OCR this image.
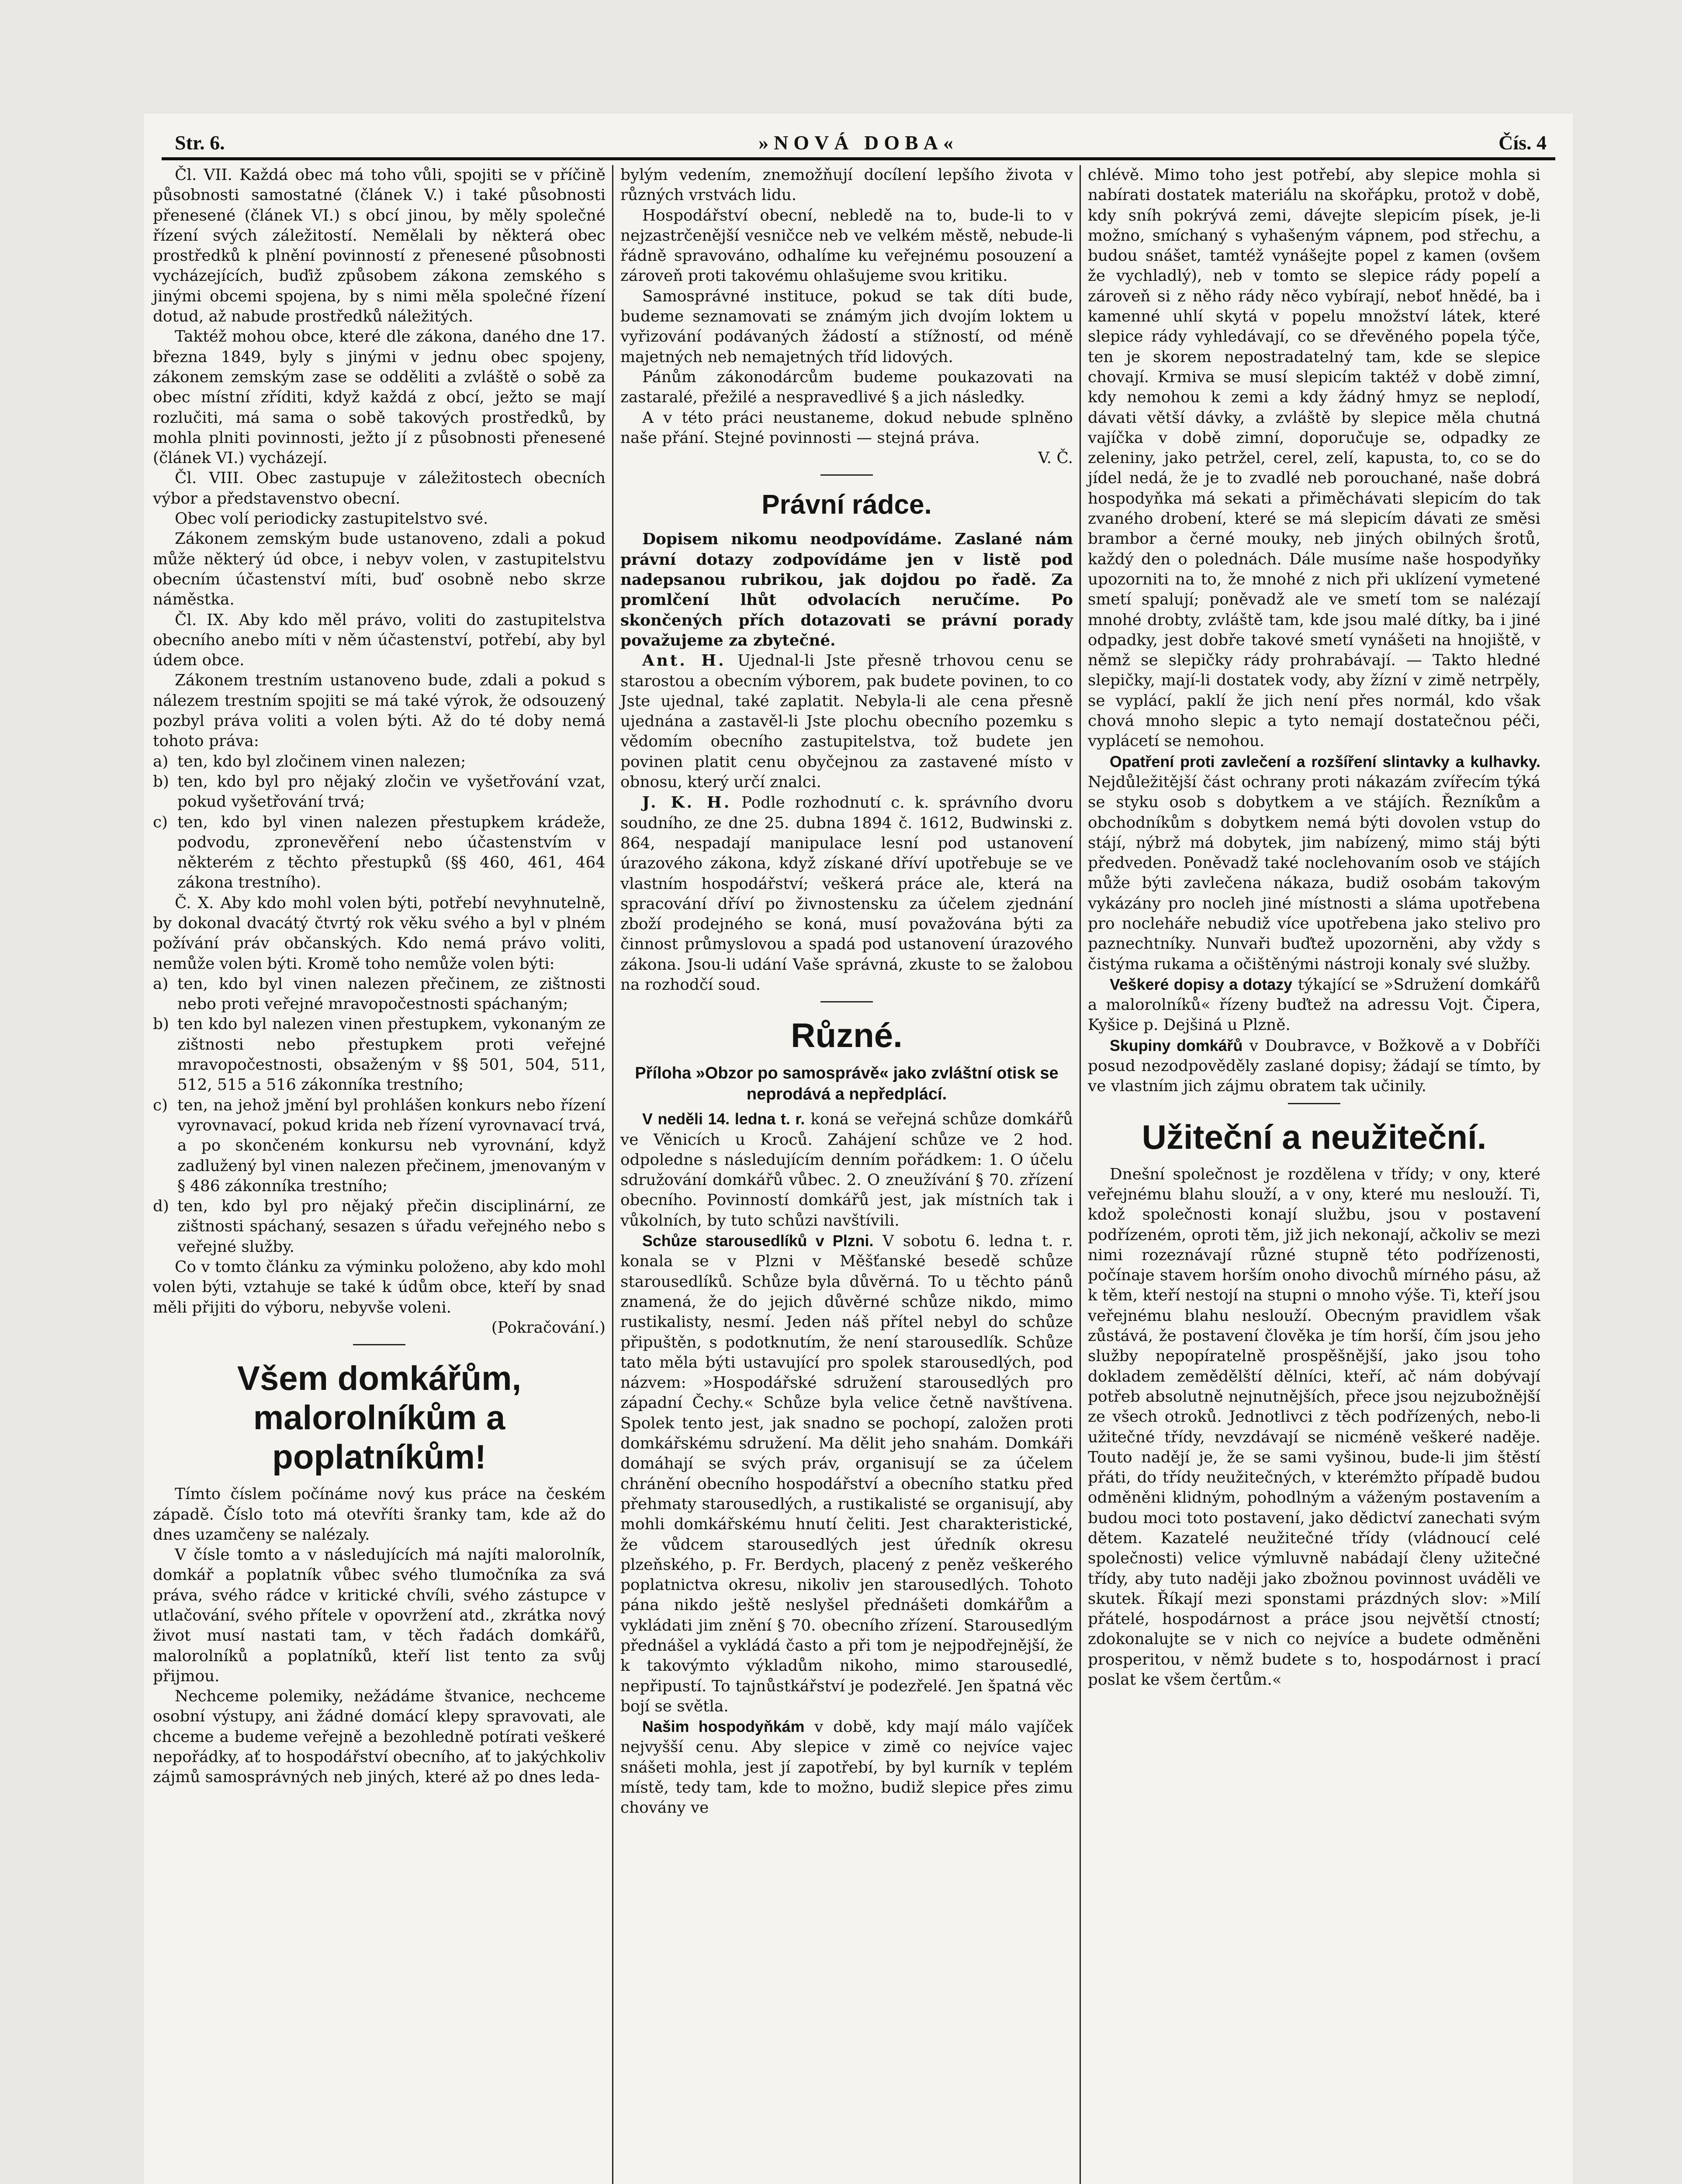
Str. 6.	»NOVÁ DOBA«	Čís. 4

Čl. VII. Každá obec má toho vůli, spojiti se v příčině působnosti samostatné (článek V.) i také působnosti přenesené (článek VI.) s obcí jinou, by měly společné řízení svých záležitostí. Nemělali by některá obec prostředků k plnění povinností z přenesené působnosti vycházejících, buďiž způsobem zákona zemského s jinými obcemi spojena, by s nimi měla společné řízení dotud, až nabude prostředků náležitých.

Taktéž mohou obce, které dle zákona, daného dne 17. března 1849, byly s jinými v jednu obec spojeny, zákonem zemským zase se odděliti a zvláště o sobě za obec místní zříditi, když každá z obcí, ježto se mají rozlučiti, má sama o sobě takových prostředků, by mohla plniti povinnosti, ježto jí z působnosti přenesené (článek VI.) vycházejí.

Čl. VIII. Obec zastupuje v záležitostech obecních výbor a představenstvo obecní.

Obec volí periodicky zastupitelstvo své.

Zákonem zemským bude ustanoveno, zdali a pokud může některý úd obce, i nebyv volen, v zastupitelstvu obecním účastenství míti, buď osobně nebo skrze náměstka.

Čl. IX. Aby kdo měl právo, voliti do zastupitelstva obecního anebo míti v něm účastenství, potřebí, aby byl údem obce.

Zákonem trestním ustanoveno bude, zdali a pokud s nálezem trestním spojiti se má také výrok, že odsouzený pozbyl práva voliti a volen býti. Až do té doby nemá tohoto práva:

a) ten, kdo byl zločinem vinen nalezen;

b) ten, kdo byl pro nějaký zločin ve vyšetřování vzat, pokud vyšetřování trvá;

c) ten, kdo byl vinen nalezen přestupkem krádeže, podvodu, zpronevěření nebo účastenstvím v některém z těchto přestupků (§§ 460, 461, 464 zákona trestního).

Č. X. Aby kdo mohl volen býti, potřebí nevyhnutelně, by dokonal dvacátý čtvrtý rok věku svého a byl v plném požívání práv občanských. Kdo nemá právo voliti, nemůže volen býti. Kromě toho nemůže volen býti:

a) ten, kdo byl vinen nalezen přečinem, ze zištnosti nebo proti veřejné mravopočestnosti spáchaným;

b) ten kdo byl nalezen vinen přestupkem, vykonaným ze zištnosti nebo přestupkem proti veřejné mravopočestnosti, obsaženým v §§ 501, 504, 511, 512, 515 a 516 zákonníka trestního;

c) ten, na jehož jmění byl prohlášen konkurs nebo řízení vyrovnavací, pokud krida neb řízení vyrovnavací trvá, a po skončeném konkursu neb vyrovnání, když zadlužený byl vinen nalezen přečinem, jmenovaným v § 486 zákonníka trestního;

d) ten, kdo byl pro nějaký přečin disciplinární, ze zištnosti spáchaný, sesazen s úřadu veřejného nebo s veřejné služby.

Co v tomto článku za výminku položeno, aby kdo mohl volen býti, vztahuje se také k údům obce, kteří by snad měli přijiti do výboru, nebyvše voleni.

(Pokračování.)

Všem domkářům, malorolníkům a poplatníkům!

Tímto číslem počínáme nový kus práce na českém západě. Číslo toto má otevříti šranky tam, kde až do dnes uzamčeny se nalézaly.

V čísle tomto a v následujících má najíti malorolník, domkář a poplatník vůbec svého tlumočníka za svá práva, svého rádce v kritické chvíli, svého zástupce v utlačování, svého přítele v opovržení atd., zkrátka nový život musí nastati tam, v těch řadách domkářů, malorolníků a poplatníků, kteří list tento za svůj přijmou.

Nechceme polemiky, nežádáme štvanice, nechceme osobní výstupy, ani žádné domácí klepy spravovati, ale chceme a budeme veřejně a bezohledně potírati veškeré nepořádky, ať to hospodářství obecního, ať to jakýchkoliv zájmů samosprávných neb jiných, které až po dnes leda-

bylým vedením, znemožňují docílení lepšího života v různých vrstvách lidu.

Hospodářství obecní, nebledě na to, bude-li to v nejzastrčenější vesničce neb ve velkém městě, nebude-li řádně spravováno, odhalíme ku veřejnému posouzení a zároveň proti takovému ohlašujeme svou kritiku.

Samosprávné instituce, pokud se tak díti bude, budeme seznamovati se známým jich dvojím loktem u vyřizování podávaných žádostí a stížností, od méně majetných neb nemajetných tříd lidových.

Pánům zákonodárcům budeme poukazovati na zastaralé, přežilé a nespravedlivé § a jich následky.

A v této práci neustaneme, dokud nebude splněno naše přání. Stejné povinnosti — stejná práva.

V. Č.

Právní rádce.

Dopisem nikomu neodpovídáme. Zaslané nám právní dotazy zodpovídáme jen v listě pod nadepsanou rubrikou, jak dojdou po řadě. Za promlčení lhůt odvolacích neručíme. Po skončených přích dotazovati se právní porady považujeme za zbytečné.

Ant. H. Ujednal-li Jste přesně trhovou cenu se starostou a obecním výborem, pak budete povinen, to co Jste ujednal, také zaplatit. Nebyla-li ale cena přesně ujednána a zastavěl-li Jste plochu obecního pozemku s vědomím obecního zastupitelstva, tož budete jen povinen platit cenu obyčejnou za zastavené místo v obnosu, který určí znalci.

J. K. H. Podle rozhodnutí c. k. správního dvoru soudního, ze dne 25. dubna 1894 č. 1612, Budwinski z. 864, nespadají manipulace lesní pod ustanovení úrazového zákona, když získané dříví upotřebuje se ve vlastním hospodářství; veškerá práce ale, která na spracování dříví po živnostensku za účelem zjednání zboží prodejného se koná, musí považována býti za činnost průmyslovou a spadá pod ustanovení úrazového zákona. Jsou-li udání Vaše správná, zkuste to se žalobou na rozhodčí soud.

Různé.
Příloha »Obzor po samosprávě« jako zvláštní otisk se neprodává a nepředplácí.

V neděli 14. ledna t. r. koná se veřejná schůze domkářů ve Věnicích u Kroců. Zahájení schůze ve 2 hod. odpoledne s následujícím denním pořádkem: 1. O účelu sdružování domkářů vůbec. 2. O zneužívání § 70. zřízení obecního. Povinností domkářů jest, jak místních tak i vůkolních, by tuto schůzi navštívili.

Schůze starousedlíků v Plzni. V sobotu 6. ledna t. r. konala se v Plzni v Měšťanské besedě schůze starousedlíků. Schůze byla důvěrná. To u těchto pánů znamená, že do jejich důvěrné schůze nikdo, mimo rustikalisty, nesmí. Jeden náš přítel nebyl do schůze připuštěn, s podotknutím, že není starousedlík. Schůze tato měla býti ustavující pro spolek starousedlých, pod názvem: »Hospodářské sdružení starousedlých pro západní Čechy.« Schůze byla velice četně navštívena. Spolek tento jest, jak snadno se pochopí, založen proti domkářskému sdružení. Ma dělit jeho snahám. Domkáři domáhají se svých práv, organisují se za účelem chránění obecního hospodářství a obecního statku před přehmaty starousedlých, a rustikalisté se organisují, aby mohli domkářskému hnutí čeliti. Jest charakteristické, že vůdcem starousedlých jest úředník okresu plzeňského, p. Fr. Berdych, placený z peněz veškerého poplatnictva okresu, nikoliv jen starousedlých. Tohoto pána nikdo ještě neslyšel přednášeti domkářům a vykládati jim znění § 70. obecního zřízení. Starousedlým přednášel a vykládá často a při tom je nejpodřejnější, že k takovýmto výkladům nikoho, mimo starousedlé, nepřipustí. To tajnůstkářství je podezřelé. Jen špatná věc bojí se světla.

Našim hospodyňkám v době, kdy mají málo vajíček nejvyšší cenu. Aby slepice v zimě co nejvíce vajec snášeti mohla, jest jí zapotřebí, by byl kurník v teplém místě, tedy tam, kde to možno, budiž slepice přes zimu chovány ve

chlévě. Mimo toho jest potřebí, aby slepice mohla si nabírati dostatek materiálu na skořápku, protož v době, kdy sníh pokrývá zemi, dávejte slepicím písek, je-li možno, smíchaný s vyhašeným vápnem, pod střechu, a budou snášet, tamtéž vynášejte popel z kamen (ovšem že vychladlý), neb v tomto se slepice rády popelí a zároveň si z něho rády něco vybírají, neboť hnědé, ba i kamenné uhlí skytá v popelu množství látek, které slepice rády vyhledávají, co se dřevěného popela týče, ten je skorem nepostradatelný tam, kde se slepice chovají. Krmiva se musí slepicím taktéž v době zimní, kdy nemohou k zemi a kdy žádný hmyz se neplodí, dávati větší dávky, a zvláště by slepice měla chutná vajíčka v době zimní, doporučuje se, odpadky ze zeleniny, jako petržel, cerel, zelí, kapusta, to, co se do jídel nedá, že je to zvadlé neb porouchané, naše dobrá hospodyňka má sekati a přiměchávati slepicím do tak zvaného drobení, které se má slepicím dávati ze směsi brambor a černé mouky, neb jiných obilných šrotů, každý den o polednách. Dále musíme naše hospodyňky upozorniti na to, že mnohé z nich při uklízení vymetené smetí spalují; poněvadž ale ve smetí tom se nalézají mnohé drobty, zvláště tam, kde jsou malé dítky, ba i jiné odpadky, jest dobře takové smetí vynášeti na hnojiště, v němž se slepičky rády prohrabávají. — Takto hledné slepičky, mají-li dostatek vody, aby žízní v zimě netrpěly, se vyplácí, paklí že jich není přes normál, kdo však chová mnoho slepic a tyto nemají dostatečnou péči, vyplácetí se nemohou.

Opatření proti zavlečení a rozšíření slintavky a kulhavky. Nejdůležitější část ochrany proti nákazám zvířecím týká se styku osob s dobytkem a ve stájích. Řezníkům a obchodníkům s dobytkem nemá býti dovolen vstup do stájí, nýbrž má dobytek, jim nabízený, mimo stáj býti předveden. Poněvadž také noclehovaním osob ve stájích může býti zavlečena nákaza, budiž osobám takovým vykázány pro nocleh jiné místnosti a sláma upotřebena pro nocleháře nebudiž více upotřebena jako stelivo pro paznechtníky. Nunvaři buďtež upozorněni, aby vždy s čistýma rukama a očištěnými nástroji konaly své služby.

Veškeré dopisy a dotazy týkající se »Sdružení domkářů a malorolníků« řízeny buďtež na adressu Vojt. Čipera, Kyšice p. Dejšiná u Plzně.

Skupiny domkářů v Doubravce, v Božkově a v Dobříči posud nezodpověděly zaslané dopisy; žádají se tímto, by ve vlastním jich zájmu obratem tak učinily.

Užiteční a neužiteční.

Dnešní společnost je rozdělena v třídy; v ony, které veřejnému blahu slouží, a v ony, které mu neslouží. Ti, kdož společnosti konají službu, jsou v postavení podřízeném, oproti těm, již jich nekonají, ačkoliv se mezi nimi rozeznávají různé stupně této podřízenosti, počínaje stavem horším onoho divochů mírného pásu, až k těm, kteří nestojí na stupni o mnoho výše. Ti, kteří jsou veřejnému blahu neslouží. Obecným pravidlem však zůstává, že postavení člověka je tím horší, čím jsou jeho služby nepopíratelně prospěšnější, jako jsou toho dokladem zemědělští dělníci, kteří, ač nám dobývají potřeb absolutně nejnutnějších, přece jsou nejzubožnější ze všech otroků. Jednotlivci z těch podřízených, nebo-li užitečné třídy, nevzdávají se nicméně veškeré naděje. Touto nadějí je, že se sami vyšinou, bude-li jim štěstí přáti, do třídy neužitečných, v kterémžto případě budou odměněni klidným, pohodlným a váženým postavením a budou moci toto postavení, jako dědictví zanechati svým dětem. Kazatelé neužitečné třídy (vládnoucí celé společnosti) velice výmluvně nabádají členy užitečné třídy, aby tuto naději jako zbožnou povinnost uváděli ve skutek. Říkají mezi sponstami prázdných slov: »Milí přátelé, hospodárnost a práce jsou největší ctností; zdokonalujte se v nich co nejvíce a budete odměněni prosperitou, v němž budete s to, hospodárnost i prací poslat ke všem čertům.«
